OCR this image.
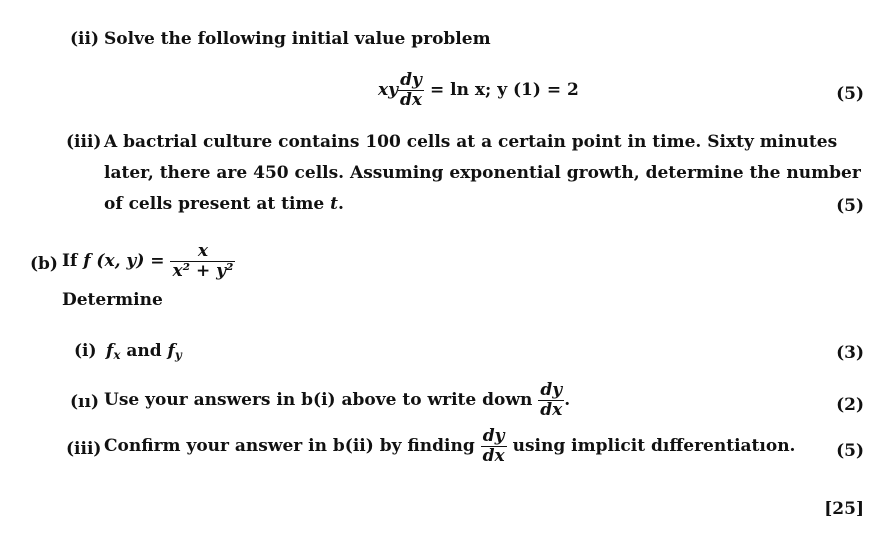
(ii) Solve the following initial value problem
xy $\frac{dy}{dx} = \ln x$; y (1) = 2	(5)
(iii) A bactrial culture contains 100 cells at a certain point in time. Sixty minutes
later, there are 450 cells. Assuming exponential growth, determine the number
of cells present at time t.	(5)
(b) If f (x, $y) = \frac{x}{\text{x² + y²}}$
Determine
(i) $f_x$ and $f_y$	(3)
(ıı) Use your answers in b(i) above to write down $\frac{dy}{dx}$ .	(2)
(iii) Confirm your answer in b(ii) by finding $\frac{dy}{dx}$ using implicit dıfferentiatıon. (5)
[25]
